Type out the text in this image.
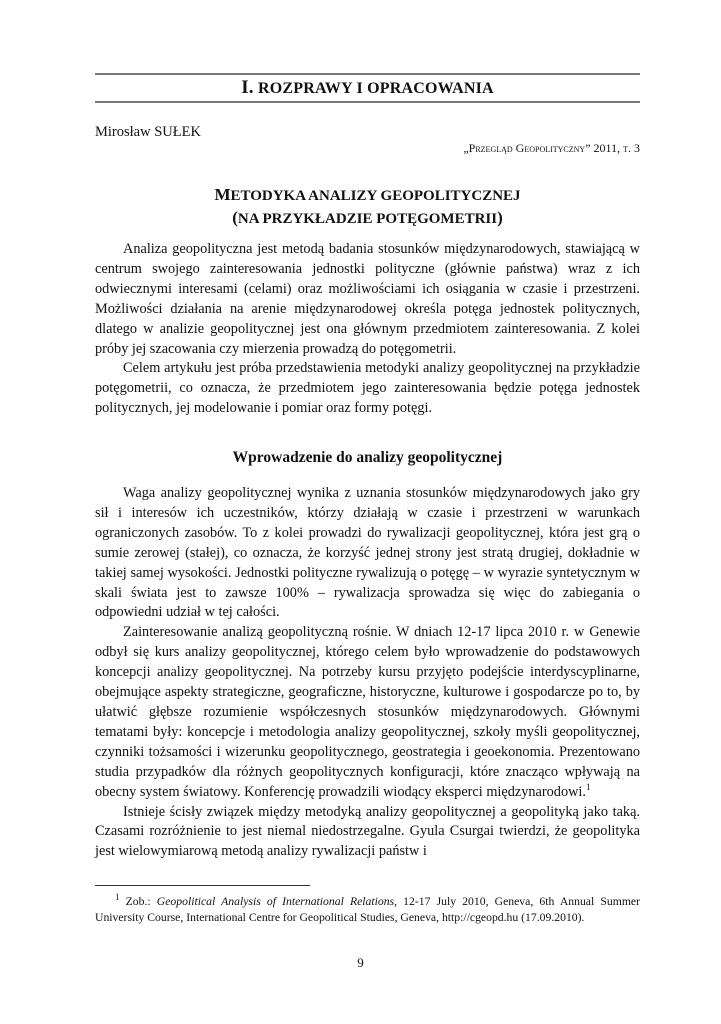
I. ROZPRAWY I OPRACOWANIA
Mirosław SUŁEK
„Przegląd Geopolityczny” 2011, t. 3
METODYKA ANALIZY GEOPOLITYCZNEJ
(NA PRZYKŁADZIE POTĘGOMETRII)

Analiza geopolityczna jest metodą badania stosunków międzynarodowych, stawiającą w centrum swojego zainteresowania jednostki polityczne (głównie państwa) wraz z ich odwiecznymi interesami (celami) oraz możliwościami ich osiągania w czasie i przestrzeni. Możliwości działania na arenie międzynarodowej określa potęga jednostek politycznych, dlatego w analizie geopolitycznej jest ona głównym przedmiotem zainteresowania. Z kolei próby jej szacowania czy mierzenia prowadzą do potęgometrii.

Celem artykułu jest próba przedstawienia metodyki analizy geopolitycznej na przykładzie potęgometrii, co oznacza, że przedmiotem jego zainteresowania będzie potęga jednostek politycznych, jej modelowanie i pomiar oraz formy potęgi.

Wprowadzenie do analizy geopolitycznej

Waga analizy geopolitycznej wynika z uznania stosunków międzynarodowych jako gry sił i interesów ich uczestników, którzy działają w czasie i przestrzeni w warunkach ograniczonych zasobów. To z kolei prowadzi do rywalizacji geopolitycznej, która jest grą o sumie zerowej (stałej), co oznacza, że korzyść jednej strony jest stratą drugiej, dokładnie w takiej samej wysokości. Jednostki polityczne rywalizują o potęgę – w wyrazie syntetycznym w skali świata jest to zawsze 100% – rywalizacja sprowadza się więc do zabiegania o odpowiedni udział w tej całości.

Zainteresowanie analizą geopolityczną rośnie. W dniach 12-17 lipca 2010 r. w Genewie odbył się kurs analizy geopolitycznej, którego celem było wprowadzenie do podstawowych koncepcji analizy geopolitycznej. Na potrzeby kursu przyjęto podejście interdyscyplinarne, obejmujące aspekty strategiczne, geograficzne, historyczne, kulturowe i gospodarcze po to, by ułatwić głębsze rozumienie współczesnych stosunków międzynarodowych. Głównymi tematami były: koncepcje i metodologia analizy geopolitycznej, szkoły myśli geopolitycznej, czynniki tożsamości i wizerunku geopolitycznego, geostrategia i geoekonomia. Prezentowano studia przypadków dla różnych geopolitycznych konfiguracji, które znacząco wpływają na obecny system światowy. Konferencję prowadzili wiodący eksperci międzynarodowi.$^1$

Istnieje ścisły związek między metodyką analizy geopolitycznej a geopolityką jako taką. Czasami rozróżnienie to jest niemal niedostrzegalne. Gyula Csurgai twierdzi, że geopolityka jest wielowymiarową metodą analizy rywalizacji państw i

$^1$ Zob.: Geopolitical Analysis of International Relations, 12-17 July 2010, Geneva, 6th Annual Summer University Course, International Centre for Geopolitical Studies, Geneva, http://cgeopd.hu (17.09.2010).

9
